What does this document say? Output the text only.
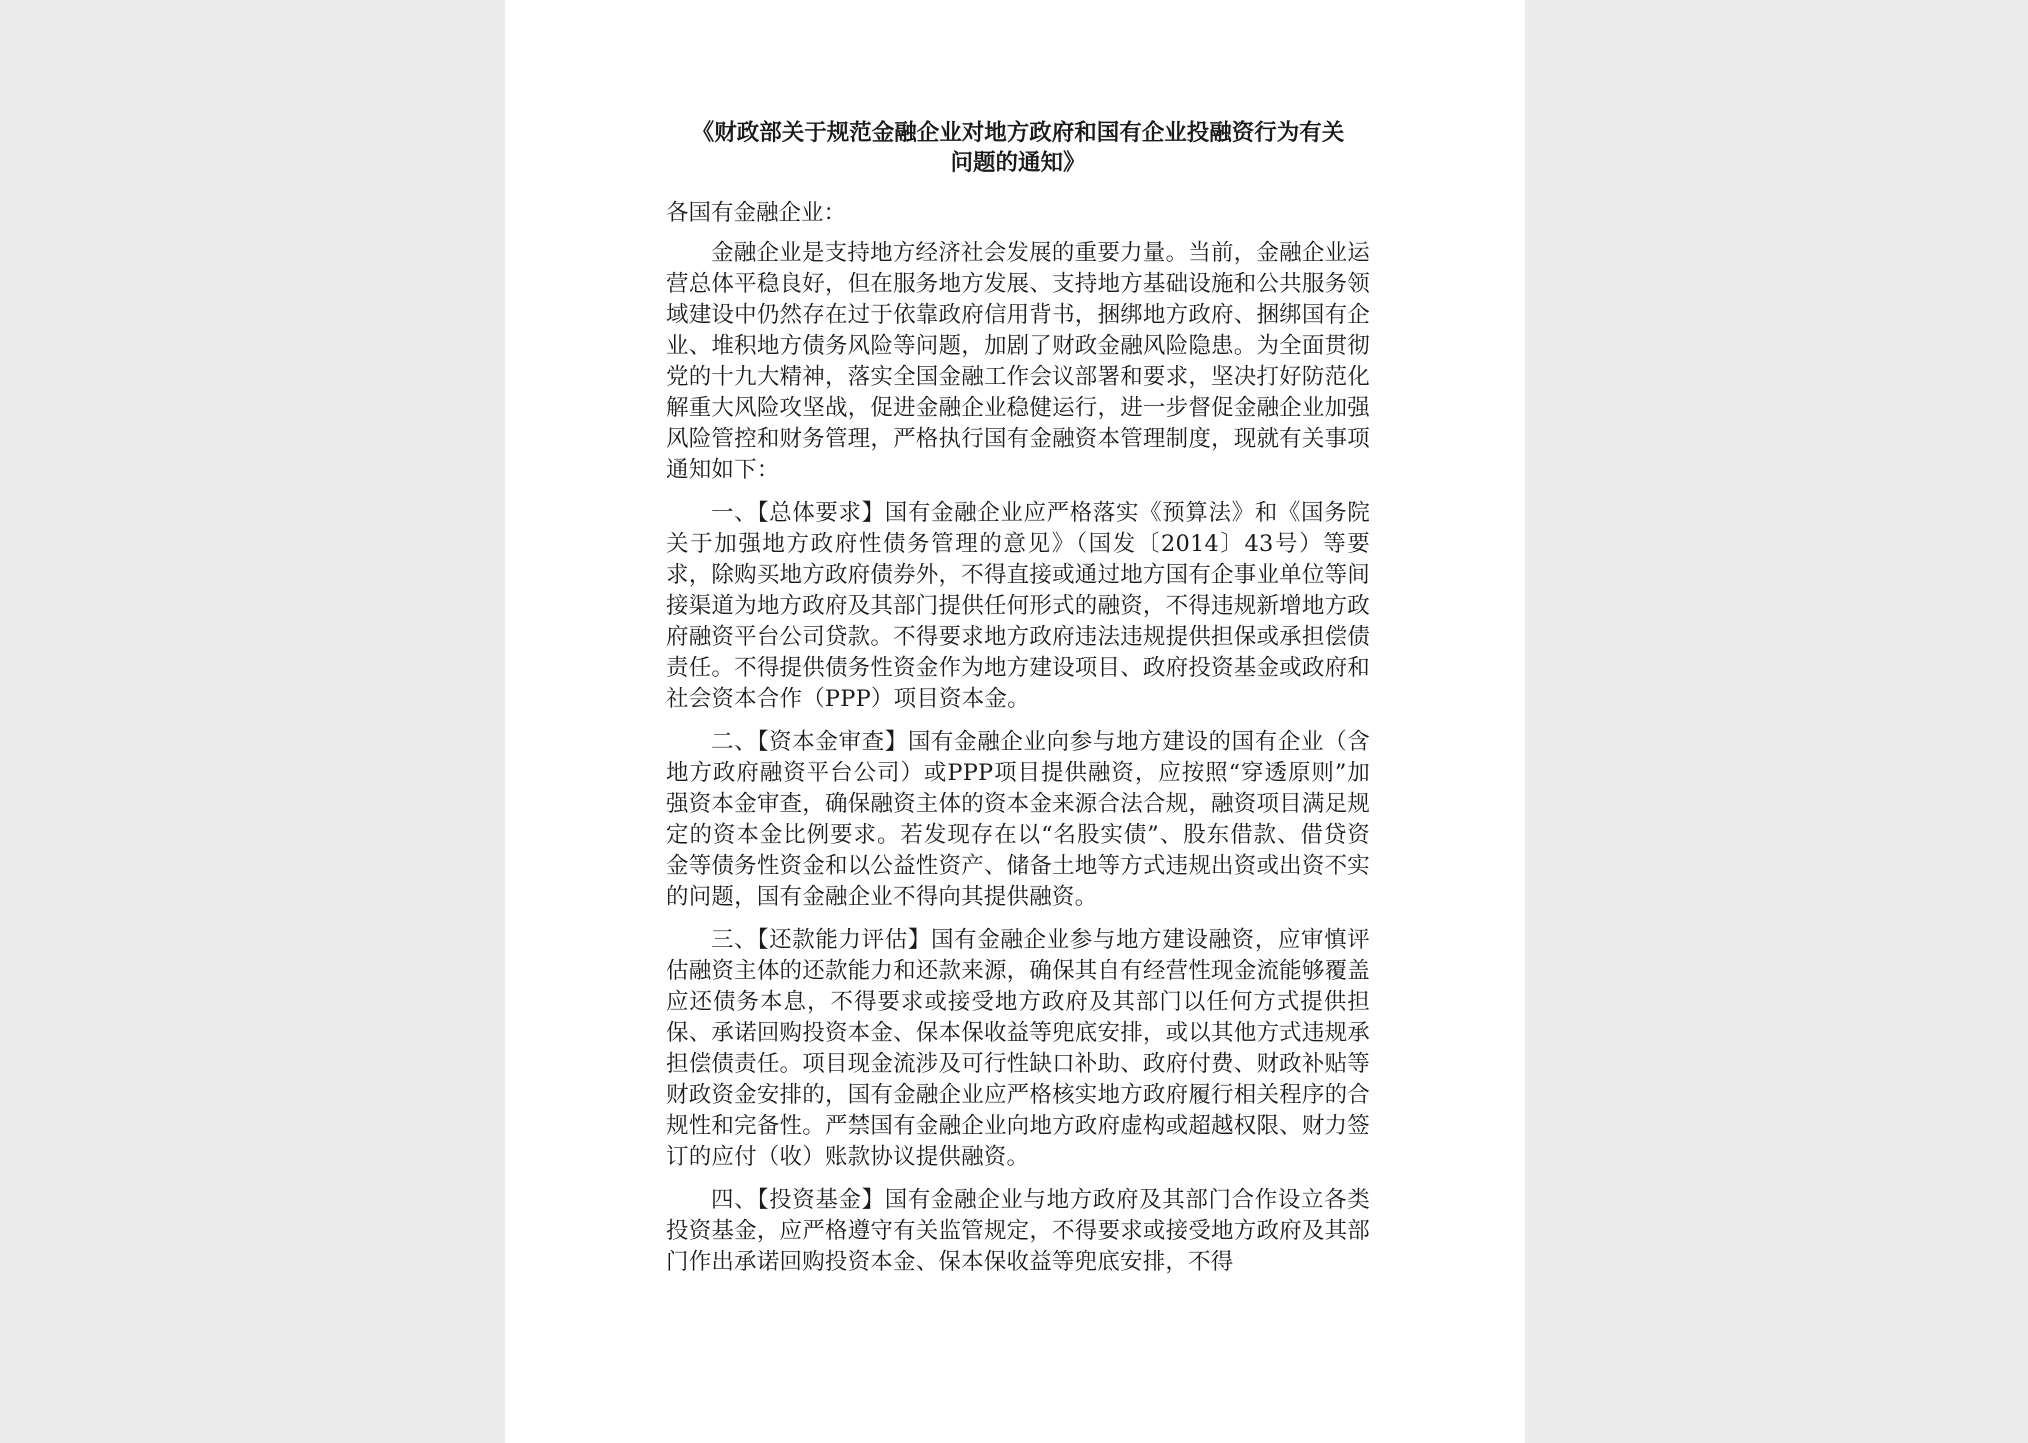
《财政部关于规范金融企业对地方政府和国有企业投融资行为有关
问题的通知》

各国有金融企业：

金融企业是支持地方经济社会发展的重要力量。当前，金融企业运营总体平稳良好，但在服务地方发展、支持地方基础设施和公共服务领域建设中仍然存在过于依靠政府信用背书，捆绑地方政府、捆绑国有企业、堆积地方债务风险等问题，加剧了财政金融风险隐患。为全面贯彻党的十九大精神，落实全国金融工作会议部署和要求，坚决打好防范化解重大风险攻坚战，促进金融企业稳健运行，进一步督促金融企业加强风险管控和财务管理，严格执行国有金融资本管理制度，现就有关事项通知如下：

一、【总体要求】国有金融企业应严格落实《预算法》和《国务院关于加强地方政府性债务管理的意见》（国发〔2014〕43号）等要求，除购买地方政府债券外，不得直接或通过地方国有企事业单位等间接渠道为地方政府及其部门提供任何形式的融资，不得违规新增地方政府融资平台公司贷款。不得要求地方政府违法违规提供担保或承担偿债责任。不得提供债务性资金作为地方建设项目、政府投资基金或政府和社会资本合作（PPP）项目资本金。

二、【资本金审查】国有金融企业向参与地方建设的国有企业（含地方政府融资平台公司）或PPP项目提供融资，应按照“穿透原则”加强资本金审查，确保融资主体的资本金来源合法合规，融资项目满足规定的资本金比例要求。若发现存在以“名股实债”、股东借款、借贷资金等债务性资金和以公益性资产、储备土地等方式违规出资或出资不实的问题，国有金融企业不得向其提供融资。

三、【还款能力评估】国有金融企业参与地方建设融资，应审慎评估融资主体的还款能力和还款来源，确保其自有经营性现金流能够覆盖应还债务本息，不得要求或接受地方政府及其部门以任何方式提供担保、承诺回购投资本金、保本保收益等兜底安排，或以其他方式违规承担偿债责任。项目现金流涉及可行性缺口补助、政府付费、财政补贴等财政资金安排的，国有金融企业应严格核实地方政府履行相关程序的合规性和完备性。严禁国有金融企业向地方政府虚构或超越权限、财力签订的应付（收）账款协议提供融资。

四、【投资基金】国有金融企业与地方政府及其部门合作设立各类投资基金，应严格遵守有关监管规定，不得要求或接受地方政府及其部门作出承诺回购投资本金、保本保收益等兜底安排，不得
